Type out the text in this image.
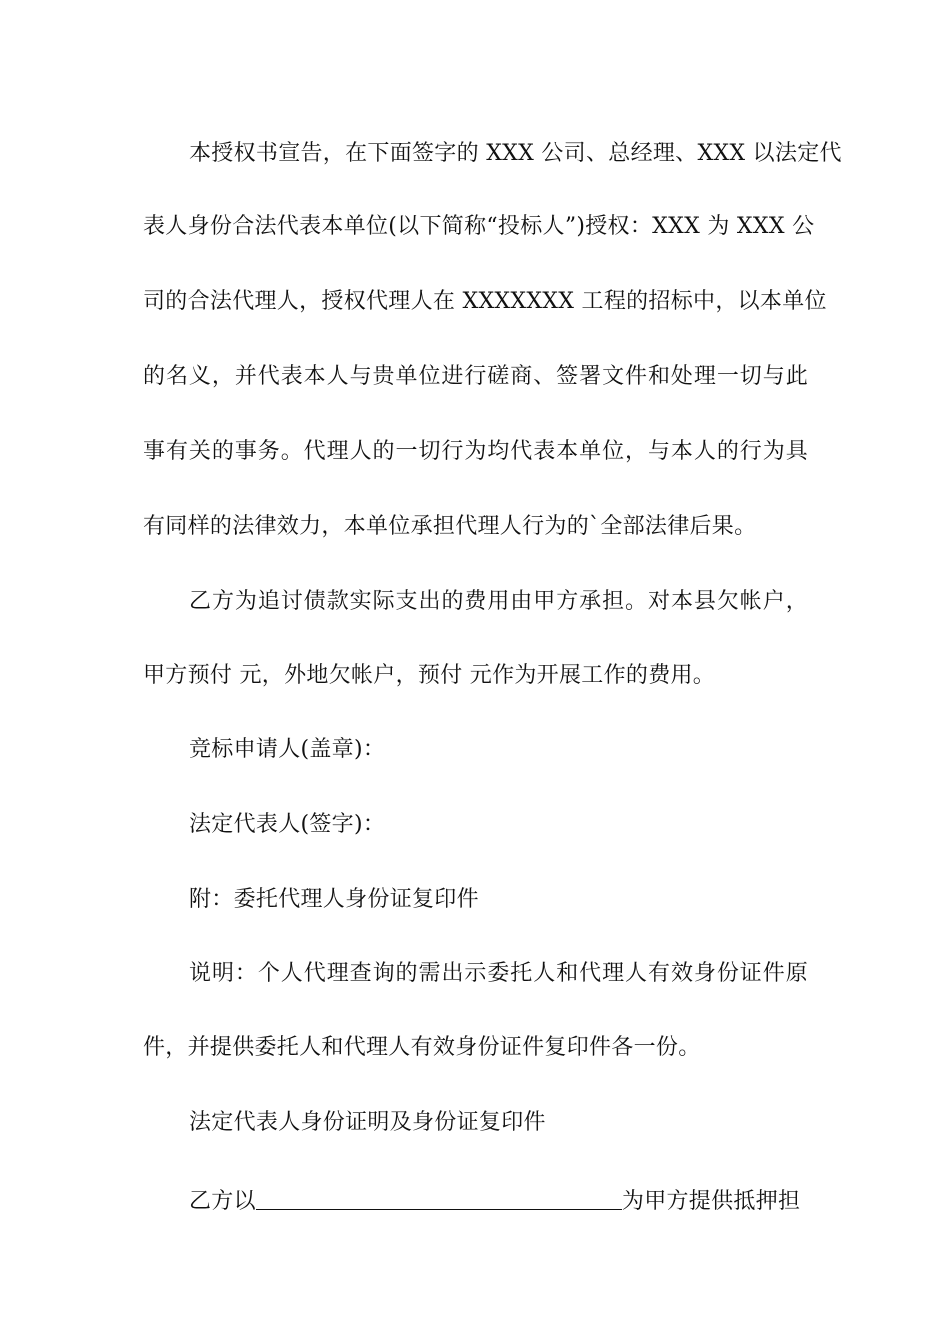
本授权书宣告，在下面签字的 XXX 公司、总经理、XXX 以法定代
表人身份合法代表本单位(以下简称“投标人”)授权：XXX 为 XXX 公
司的合法代理人，授权代理人在 XXXXXXX 工程的招标中，以本单位
的名义，并代表本人与贵单位进行磋商、签署文件和处理一切与此
事有关的事务。代理人的一切行为均代表本单位，与本人的行为具
有同样的法律效力，本单位承担代理人行为的`全部法律后果。
乙方为追讨债款实际支出的费用由甲方承担。对本县欠帐户，
甲方预付 元，外地欠帐户，预付 元作为开展工作的费用。
竞标申请人(盖章)：
法定代表人(签字)：
附：委托代理人身份证复印件
说明：个人代理查询的需出示委托人和代理人有效身份证件原
件，并提供委托人和代理人有效身份证件复印件各一份。
法定代表人身份证明及身份证复印件
乙方以	为甲方提供抵押担
